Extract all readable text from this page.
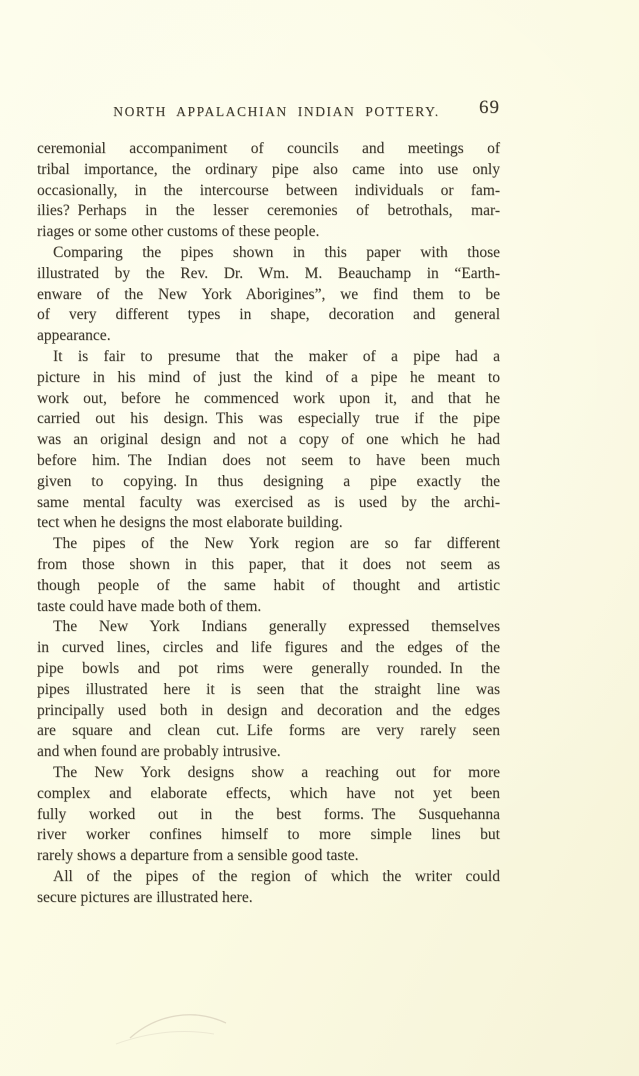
NORTH APPALACHIAN INDIAN POTTERY. 69
ceremonial accompaniment of councils and meetings of
tribal importance, the ordinary pipe also came into use only
occasionally, in the intercourse between individuals or fam-
ilies? Perhaps in the lesser ceremonies of betrothals, mar-
riages or some other customs of these people.
Comparing the pipes shown in this paper with those
illustrated by the Rev. Dr. Wm. M. Beauchamp in “Earth-
enware of the New York Aborigines”, we find them to be
of very different types in shape, decoration and general
appearance.
It is fair to presume that the maker of a pipe had a
picture in his mind of just the kind of a pipe he meant to
work out, before he commenced work upon it, and that he
carried out his design. This was especially true if the pipe
was an original design and not a copy of one which he had
before him. The Indian does not seem to have been much
given to copying. In thus designing a pipe exactly the
same mental faculty was exercised as is used by the archi-
tect when he designs the most elaborate building.
The pipes of the New York region are so far different
from those shown in this paper, that it does not seem as
though people of the same habit of thought and artistic
taste could have made both of them.
The New York Indians generally expressed themselves
in curved lines, circles and life figures and the edges of the
pipe bowls and pot rims were generally rounded. In the
pipes illustrated here it is seen that the straight line was
principally used both in design and decoration and the edges
are square and clean cut. Life forms are very rarely seen
and when found are probably intrusive.
The New York designs show a reaching out for more
complex and elaborate effects, which have not yet been
fully worked out in the best forms. The Susquehanna
river worker confines himself to more simple lines but
rarely shows a departure from a sensible good taste.
All of the pipes of the region of which the writer could
secure pictures are illustrated here.
